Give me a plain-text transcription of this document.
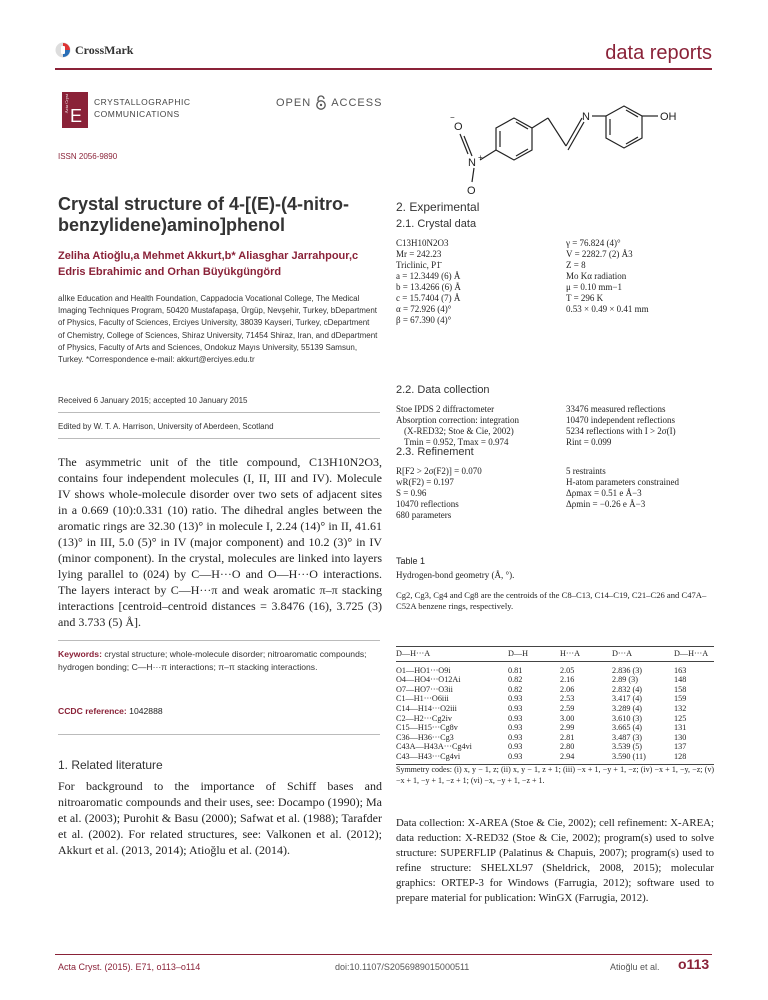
CrossMark	data reports
Acta Cryst
E
CRYSTALLOGRAPHIC
COMMUNICATIONS
OPEN ACCESS
ISSN 2056-9890
Crystal structure of 4-[(E)-(4-nitro-benzylidene)amino]phenol
Zeliha Atioğlu,a Mehmet Akkurt,b* Aliasghar Jarrahpour,c
Edris Ebrahimic and Orhan Büyükgüngörd
aİlke Education and Health Foundation, Cappadocia Vocational College, The Medical Imaging Techniques Program, 50420 Mustafapaşa, Ürgüp, Nevşehir, Turkey, bDepartment of Physics, Faculty of Sciences, Erciyes University, 38039 Kayseri, Turkey, cDepartment of Chemistry, College of Sciences, Shiraz University, 71454 Shiraz, Iran, and dDepartment of Physics, Faculty of Arts and Sciences, Ondokuz Mayıs University, 55139 Samsun, Turkey. *Correspondence e-mail: akkurt@erciyes.edu.tr
Received 6 January 2015; accepted 10 January 2015
Edited by W. T. A. Harrison, University of Aberdeen, Scotland
The asymmetric unit of the title compound, C13H10N2O3, contains four independent molecules (I, II, III and IV). Molecule IV shows whole-molecule disorder over two sets of adjacent sites in a 0.669 (10):0.331 (10) ratio. The dihedral angles between the aromatic rings are 32.30 (13)° in molecule I, 2.24 (14)° in II, 41.61 (13)° in III, 5.0 (5)° in IV (major component) and 10.2 (3)° in IV (minor component). In the crystal, molecules are linked into layers lying parallel to (024) by C—H···O and O—H···O interactions. The layers interact by C—H···π and weak aromatic π–π stacking interactions [centroid–centroid distances = 3.8476 (16), 3.725 (3) and 3.733 (5) Å].
Keywords: crystal structure; whole-molecule disorder; nitroaromatic compounds; hydrogen bonding; C—H···π interactions; π–π stacking interactions.
CCDC reference: 1042888
1. Related literature
For background to the importance of Schiff bases and nitroaromatic compounds and their uses, see: Docampo (1990); Ma et al. (2003); Purohit & Basu (2000); Safwat et al. (1988); Tarafder et al. (2002). For related structures, see: Valkonen et al. (2012); Akkurt et al. (2013, 2014); Atioğlu et al. (2014).
O
−
N +
O
N	OH
2. Experimental
2.1. Crystal data
C13H10N2O3
Mr = 242.23
Triclinic, P1̄
a = 12.3449 (6) Å
b = 13.4266 (6) Å
c = 15.7404 (7) Å
α = 72.926 (4)°
β = 67.390 (4)°
γ = 76.824 (4)°
V = 2282.7 (2) Å3
Z = 8
Mo Kα radiation
μ = 0.10 mm−1
T = 296 K
0.53 × 0.49 × 0.41 mm
2.2. Data collection
Stoe IPDS 2 diffractometer
Absorption correction: integration
(X-RED32; Stoe & Cie, 2002)
Tmin = 0.952, Tmax = 0.974
33476 measured reflections
10470 independent reflections
5234 reflections with I > 2σ(I)
Rint = 0.099
2.3. Refinement
R[F2 > 2σ(F2)] = 0.070
wR(F2) = 0.197
S = 0.96
10470 reflections
680 parameters
5 restraints
H-atom parameters constrained
Δρmax = 0.51 e Å−3
Δρmin = −0.26 e Å−3
Table 1
Hydrogen-bond geometry (Å, °).
Cg2, Cg3, Cg4 and Cg8 are the centroids of the C8–C13, C14–C19, C21–C26 and C47A–C52A benzene rings, respectively.
D—H···A	D—H	H···A	D···A	D—H···A
O1—HO1···O9i	0.81	2.05	2.836 (3)	163
O4—HO4···O12Ai	0.82	2.16	2.89 (3)	148
O7—HO7···O3ii	0.82	2.06	2.832 (4)	158
C1—H1···O6iii	0.93	2.53	3.417 (4)	159
C14—H14···O2iii	0.93	2.59	3.289 (4)	132
C2—H2···Cg2iv	0.93	3.00	3.610 (3)	125
C15—H15···Cg8v	0.93	2.99	3.665 (4)	131
C36—H36···Cg3	0.93	2.81	3.487 (3)	130
C43A—H43A···Cg4vi	0.93	2.80	3.539 (5)	137
C43—H43···Cg4vi	0.93	2.94	3.590 (11)	128
Symmetry codes: (i) x, y − 1, z; (ii) x, y − 1, z + 1; (iii) −x + 1, −y + 1, −z; (iv) −x + 1, −y, −z; (v) −x + 1, −y + 1, −z + 1; (vi) −x, −y + 1, −z + 1.
Data collection: X-AREA (Stoe & Cie, 2002); cell refinement: X-AREA; data reduction: X-RED32 (Stoe & Cie, 2002); program(s) used to solve structure: SUPERFLIP (Palatinus & Chapuis, 2007); program(s) used to refine structure: SHELXL97 (Sheldrick, 2008, 2015); molecular graphics: ORTEP-3 for Windows (Farrugia, 2012); software used to prepare material for publication: WinGX (Farrugia, 2012).
Acta Cryst. (2015). E71, o113–o114	doi:10.1107/S2056989015000511	Atioğlu et al. o113
